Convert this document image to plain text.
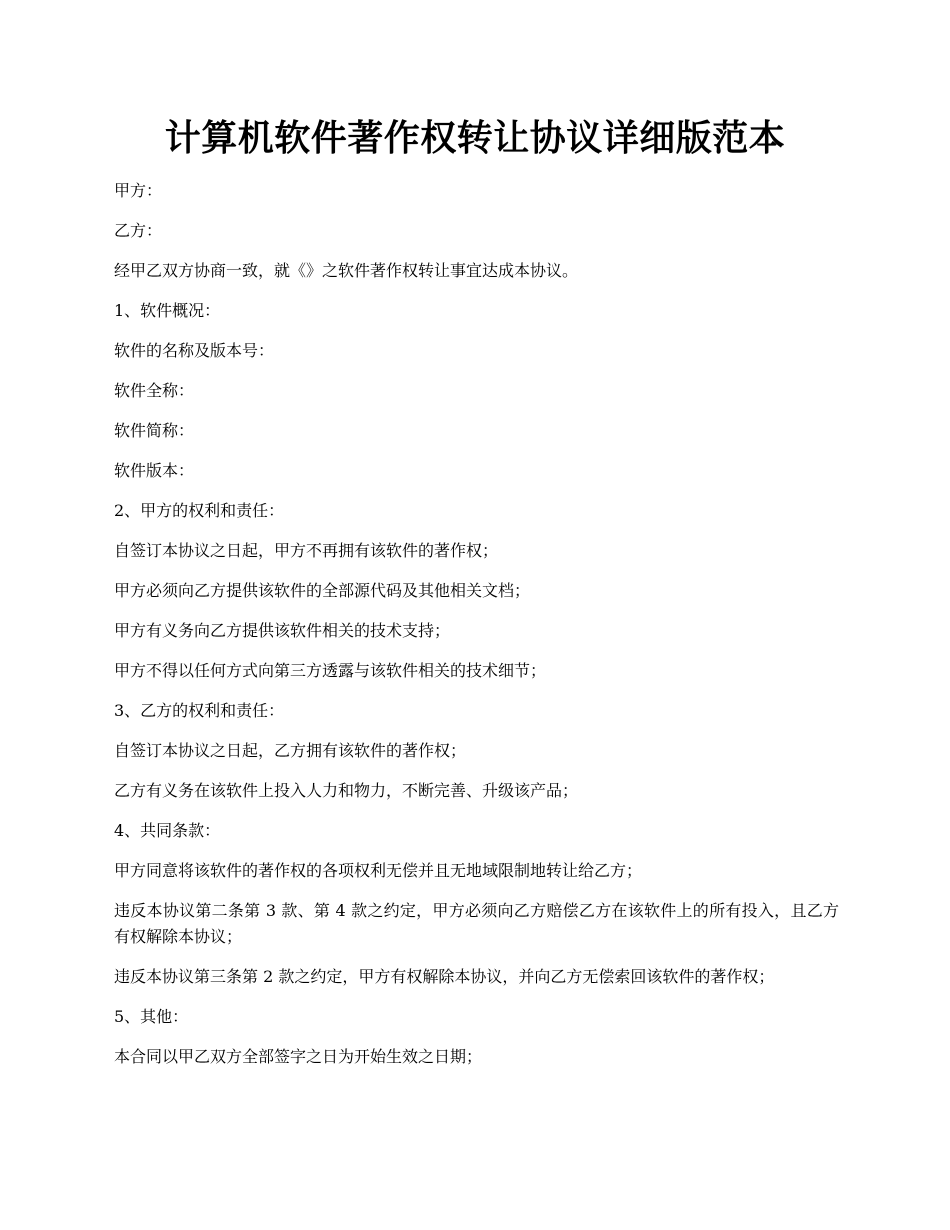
计算机软件著作权转让协议详细版范本

甲方：

乙方：

经甲乙双方协商一致，就《》之软件著作权转让事宜达成本协议。

1、软件概况：

软件的名称及版本号：

软件全称：

软件简称：

软件版本：

2、甲方的权利和责任：

自签订本协议之日起，甲方不再拥有该软件的著作权；

甲方必须向乙方提供该软件的全部源代码及其他相关文档；

甲方有义务向乙方提供该软件相关的技术支持；

甲方不得以任何方式向第三方透露与该软件相关的技术细节；

3、乙方的权利和责任：

自签订本协议之日起，乙方拥有该软件的著作权；

乙方有义务在该软件上投入人力和物力，不断完善、升级该产品；

4、共同条款：

甲方同意将该软件的著作权的各项权利无偿并且无地域限制地转让给乙方；

违反本协议第二条第 3 款、第 4 款之约定，甲方必须向乙方赔偿乙方在该软件上的所有投入，且乙方有权解除本协议；

违反本协议第三条第 2 款之约定，甲方有权解除本协议，并向乙方无偿索回该软件的著作权；

5、其他：

本合同以甲乙双方全部签字之日为开始生效之日期；
